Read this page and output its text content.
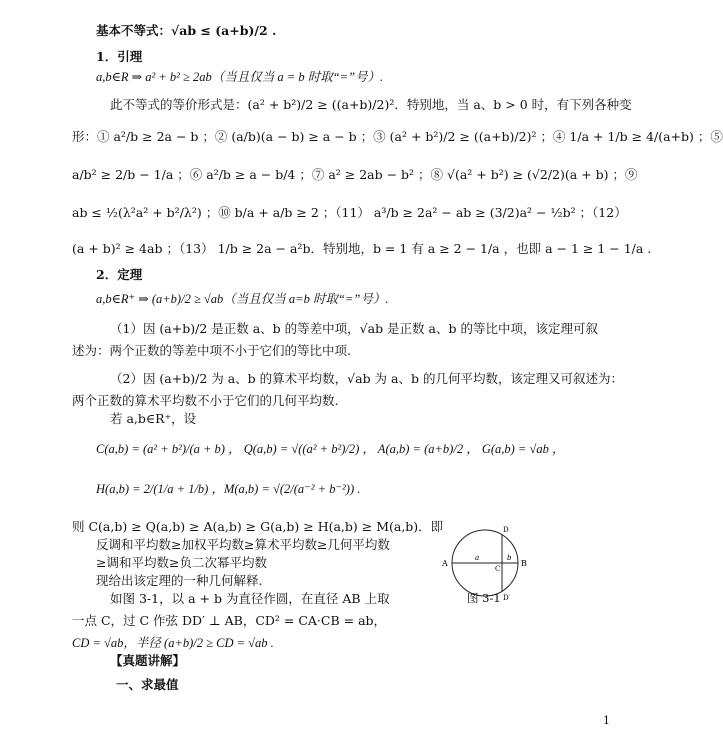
基本不等式：√ab ≤ (a+b)/2 .
1．引理
a,b∈R ⇒ a² + b² ≥ 2ab（当且仅当 a = b 时取“=”号）.
此不等式的等价形式是：(a² + b²)/2 ≥ ((a+b)/2)²．特别地，当 a、b > 0 时，有下列各种变
形：① a²/b ≥ 2a − b ；② (a/b)(a − b) ≥ a − b ；③ (a² + b²)/2 ≥ ((a+b)/2)² ；④ 1/a + 1/b ≥ 4/(a+b) ；⑤
a/b² ≥ 2/b − 1/a ；⑥ a²/b ≥ a − b/4 ；⑦ a² ≥ 2ab − b² ；⑧ √(a² + b²) ≥ (√2/2)(a + b) ；⑨
ab ≤ ½(λ²a² + b²/λ²) ；⑩ b/a + a/b ≥ 2 ；（11） a³/b ≥ 2a² − ab ≥ (3/2)a² − ½b² ；（12）
(a + b)² ≥ 4ab ；（13） 1/b ≥ 2a − a²b．特别地，b = 1 有 a ≥ 2 − 1/a ，也即 a − 1 ≥ 1 − 1/a .
2．定理
a,b∈R⁺ ⇒ (a+b)/2 ≥ √ab（当且仅当 a=b 时取“=”号）.
（1）因 (a+b)/2 是正数 a、b 的等差中项，√ab 是正数 a、b 的等比中项，该定理可叙
述为：两个正数的等差中项不小于它们的等比中项.
（2）因 (a+b)/2 为 a、b 的算术平均数，√ab 为 a、b 的几何平均数，该定理又可叙述为：
两个正数的算术平均数不小于它们的几何平均数.
若 a,b∈R⁺，设
C(a,b) = (a² + b²)/(a + b) ， Q(a,b) = √((a² + b²)/2) ， A(a,b) = (a+b)/2 ， G(a,b) = √ab ，
H(a,b) = 2/(1/a + 1/b) ，M(a,b) = √(2/(a⁻² + b⁻²)) .
则 C(a,b) ≥ Q(a,b) ≥ A(a,b) ≥ G(a,b) ≥ H(a,b) ≥ M(a,b)．即
反调和平均数≥加权平均数≥算术平均数≥几何平均数
≥调和平均数≥负二次幂平均数
现给出该定理的一种几何解释.
如图 3-1，以 a + b 为直径作圆，在直径 AB 上取
一点 C，过 C 作弦 DD′ ⊥ AB，CD² = CA·CB = ab，
CD = √ab，半径 (a+b)/2 ≥ CD = √ab .
A	B
C
D
D′
a	b
图 3-1
【真题讲解】
一、求最值
1
